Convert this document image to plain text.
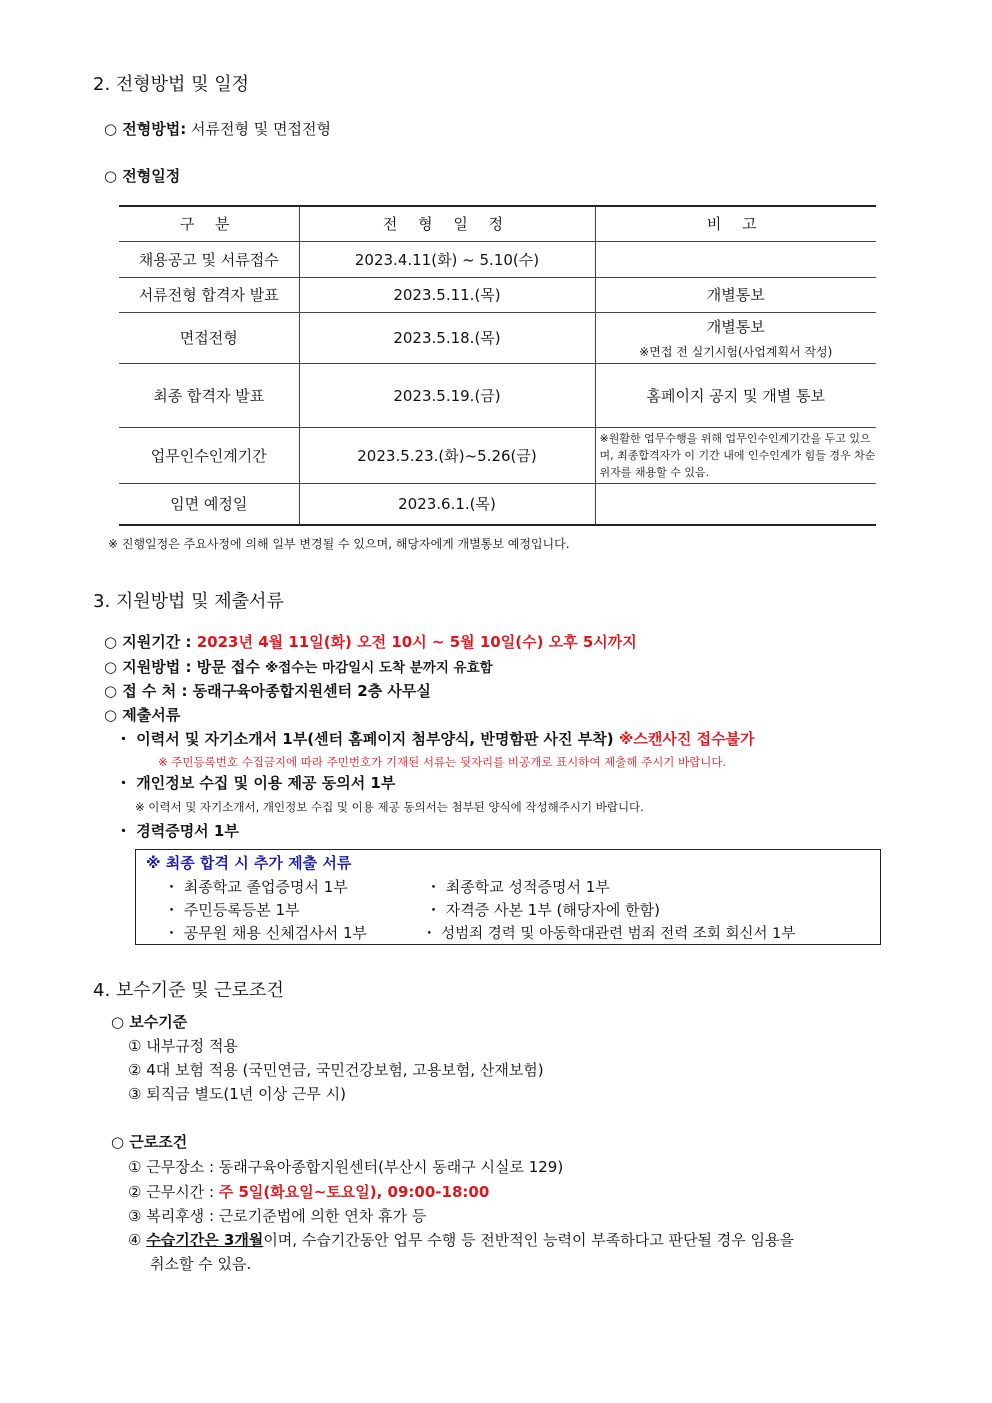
2. 전형방법 및 일정
○ 전형방법: 서류전형 및 면접전형
○ 전형일정
구 분	전 형 일 정	비 고
채용공고 및 서류접수	2023.4.11(화) ~ 5.10(수)	
서류전형 합격자 발표	2023.5.11.(목)	개별통보
면접전형	2023.5.18.(목)	개별통보
※면접 전 실기시험(사업계획서 작성)

최종 합격자 발표	2023.5.19.(금)	홈페이지 공지 및 개별 통보
업무인수인계기간	2023.5.23.(화)~5.26(금)	※원활한 업무수행을 위해 업무인수인계기간을 두고 있으며, 최종합격자가 이 기간 내에 인수인계가 힘들 경우 차순위자를 채용할 수 있음.
임면 예정일	2023.6.1.(목)	
※ 진행일정은 주요사정에 의해 일부 변경될 수 있으며, 해당자에게 개별통보 예정입니다.
3. 지원방법 및 제출서류
○ 지원기간 : 2023년 4월 11일(화) 오전 10시 ~ 5월 10일(수) 오후 5시까지
○ 지원방법 : 방문 접수 ※접수는 마감일시 도착 분까지 유효함
○ 접 수 처 : 동래구육아종합지원센터 2층 사무실
○ 제출서류
・ 이력서 및 자기소개서 1부(센터 홈페이지 첨부양식, 반명함판 사진 부착) ※스캔사진 접수불가
※ 주민등록번호 수집금지에 따라 주민번호가 기재된 서류는 뒷자리를 비공개로 표시하여 제출해 주시기 바랍니다.
・ 개인정보 수집 및 이용 제공 동의서 1부
※ 이력서 및 자기소개서, 개인정보 수집 및 이용 제공 동의서는 첨부된 양식에 작성해주시기 바랍니다.
・ 경력증명서 1부
※ 최종 합격 시 추가 제출 서류
・ 최종학교 졸업증명서 1부	・ 최종학교 성적증명서 1부
・ 주민등록등본 1부	・ 자격증 사본 1부 (해당자에 한함)
・ 공무원 채용 신체검사서 1부	・ 성범죄 경력 및 아동학대관련 범죄 전력 조회 회신서 1부
4. 보수기준 및 근로조건
○ 보수기준
① 내부규정 적용
② 4대 보험 적용 (국민연금, 국민건강보험, 고용보험, 산재보험)
③ 퇴직금 별도(1년 이상 근무 시)
○ 근로조건
① 근무장소 : 동래구육아종합지원센터(부산시 동래구 시실로 129)
② 근무시간 : 주 5일(화요일~토요일), 09:00-18:00
③ 복리후생 : 근로기준법에 의한 연차 휴가 등
④ 수습기간은 3개월이며, 수습기간동안 업무 수행 등 전반적인 능력이 부족하다고 판단될 경우 임용을
취소할 수 있음.
